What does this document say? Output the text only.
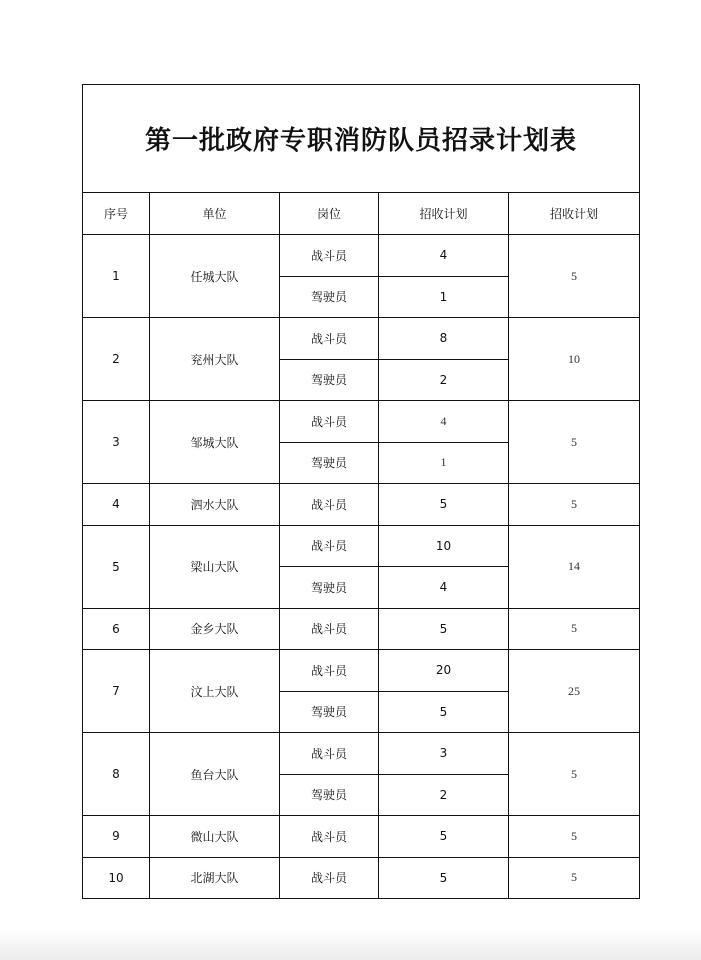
第一批政府专职消防队员招录计划表				
序号	单位	岗位	招收计划	招收计划
1	任城大队	战斗员	4	5
		驾驶员	1	
2	兖州大队	战斗员	8	10
		驾驶员	2	
3	邹城大队	战斗员	4	5
		驾驶员	1	
4	泗水大队	战斗员	5	5
5	梁山大队	战斗员	10	14
		驾驶员	4	
6	金乡大队	战斗员	5	5
7	汶上大队	战斗员	20	25
		驾驶员	5	
8	鱼台大队	战斗员	3	5
		驾驶员	2	
9	微山大队	战斗员	5	5
10	北湖大队	战斗员	5	5
